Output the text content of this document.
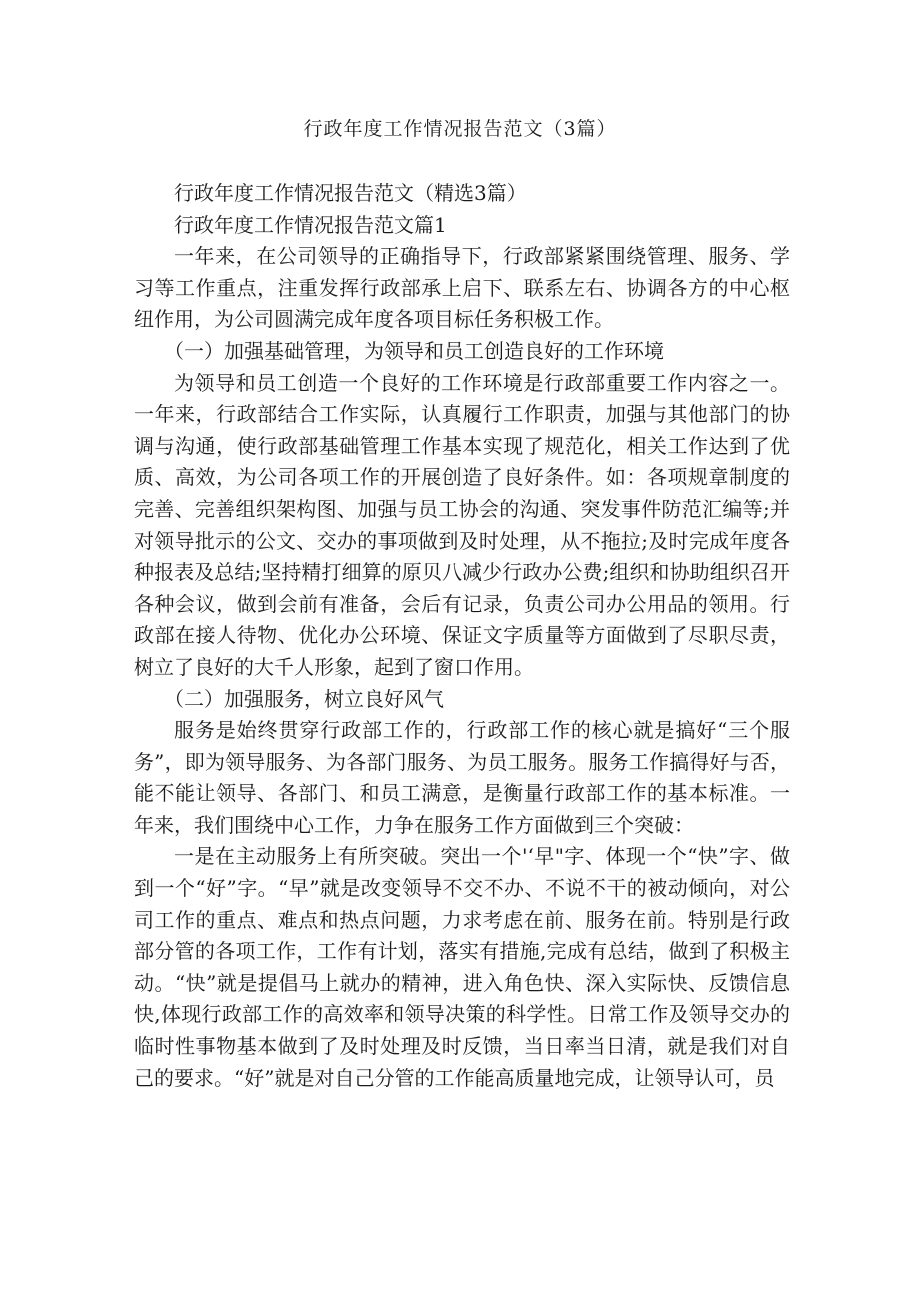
行政年度工作情况报告范文（3篇）

行政年度工作情况报告范文（精选3篇）

行政年度工作情况报告范文篇1

一年来，在公司领导的正确指导下，行政部紧紧围绕管理、服务、学习等工作重点，注重发挥行政部承上启下、联系左右、协调各方的中心枢纽作用，为公司圆满完成年度各项目标任务积极工作。

（一）加强基础管理，为领导和员工创造良好的工作环境

为领导和员工创造一个良好的工作环境是行政部重要工作内容之一。一年来，行政部结合工作实际，认真履行工作职责，加强与其他部门的协调与沟通，使行政部基础管理工作基本实现了规范化，相关工作达到了优质、高效，为公司各项工作的开展创造了良好条件。如：各项规章制度的完善、完善组织架构图、加强与员工协会的沟通、突发事件防范汇编等;并对领导批示的公文、交办的事项做到及时处理，从不拖拉;及时完成年度各种报表及总结;坚持精打细算的原贝八减少行政办公费;组织和协助组织召开各种会议，做到会前有准备，会后有记录，负责公司办公用品的领用。行政部在接人待物、优化办公环境、保证文字质量等方面做到了尽职尽责，树立了良好的大千人形象，起到了窗口作用。

（二）加强服务，树立良好风气

服务是始终贯穿行政部工作的，行政部工作的核心就是搞好“三个服务”，即为领导服务、为各部门服务、为员工服务。服务工作搞得好与否，能不能让领导、各部门、和员工满意，是衡量行政部工作的基本标准。一年来，我们围绕中心工作，力争在服务工作方面做到三个突破：

一是在主动服务上有所突破。突出一个'‘早"字、体现一个“快”字、做到一个“好”字。“早”就是改变领导不交不办、不说不干的被动倾向，对公司工作的重点、难点和热点问题，力求考虑在前、服务在前。特别是行政部分管的各项工作，工作有计划，落实有措施,完成有总结，做到了积极主动。“快”就是提倡马上就办的精神，进入角色快、深入实际快、反馈信息快,体现行政部工作的高效率和领导决策的科学性。日常工作及领导交办的临时性事物基本做到了及时处理及时反馈，当日率当日清，就是我们对自己的要求。“好”就是对自己分管的工作能高质量地完成，让领导认可，员
